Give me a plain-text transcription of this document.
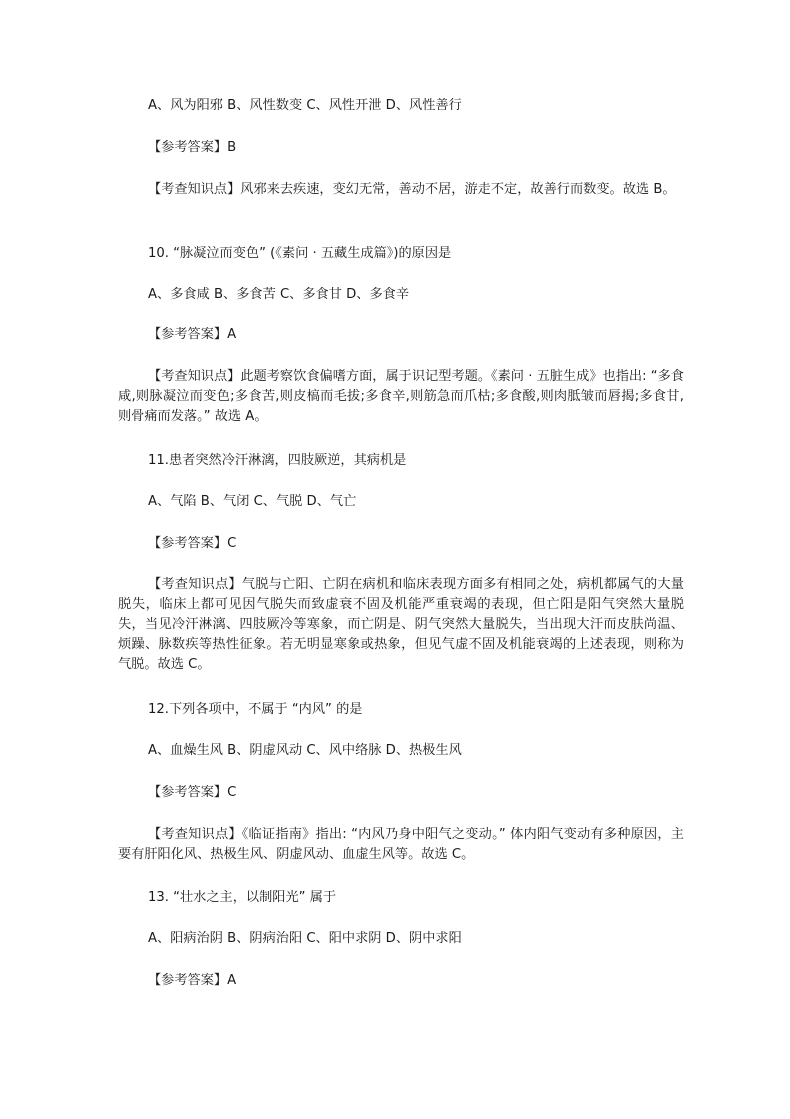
A、风为阳邪 B、风性数变 C、风性开泄 D、风性善行

【参考答案】B

【考查知识点】风邪来去疾速，变幻无常，善动不居，游走不定，故善行而数变。故选 B。

10. “脉凝泣而变色” (《素问 · 五藏生成篇》)的原因是

A、多食咸 B、多食苦 C、多食甘 D、多食辛

【参考答案】A

【考查知识点】此题考察饮食偏嗜方面，属于识记型考题。《素问 · 五脏生成》也指出: “多食咸,则脉凝泣而变色;多食苦,则皮槁而毛拔;多食辛,则筋急而爪枯;多食酸,则肉胝皱而唇揭;多食甘,则骨痛而发落。” 故选 A。

11.患者突然冷汗淋漓，四肢厥逆，其病机是

A、气陷 B、气闭 C、气脱 D、气亡

【参考答案】C

【考查知识点】气脱与亡阳、亡阴在病机和临床表现方面多有相同之处，病机都属气的大量脱失，临床上都可见因气脱失而致虚衰不固及机能严重衰竭的表现，但亡阳是阳气突然大量脱失，当见冷汗淋漓、四肢厥冷等寒象，而亡阴是、阴气突然大量脱失，当出现大汗而皮肤尚温、烦躁、脉数疾等热性征象。若无明显寒象或热象，但见气虚不固及机能衰竭的上述表现，则称为气脱。故选 C。

12.下列各项中，不属于 “内风” 的是

A、血燥生风 B、阴虚风动 C、风中络脉 D、热极生风

【参考答案】C

【考查知识点】《临证指南》指出: “内风乃身中阳气之变动。” 体内阳气变动有多种原因，主要有肝阳化风、热极生风、阴虚风动、血虚生风等。故选 C。

13. “壮水之主，以制阳光” 属于

A、阳病治阴 B、阴病治阳 C、阳中求阴 D、阴中求阳

【参考答案】A
